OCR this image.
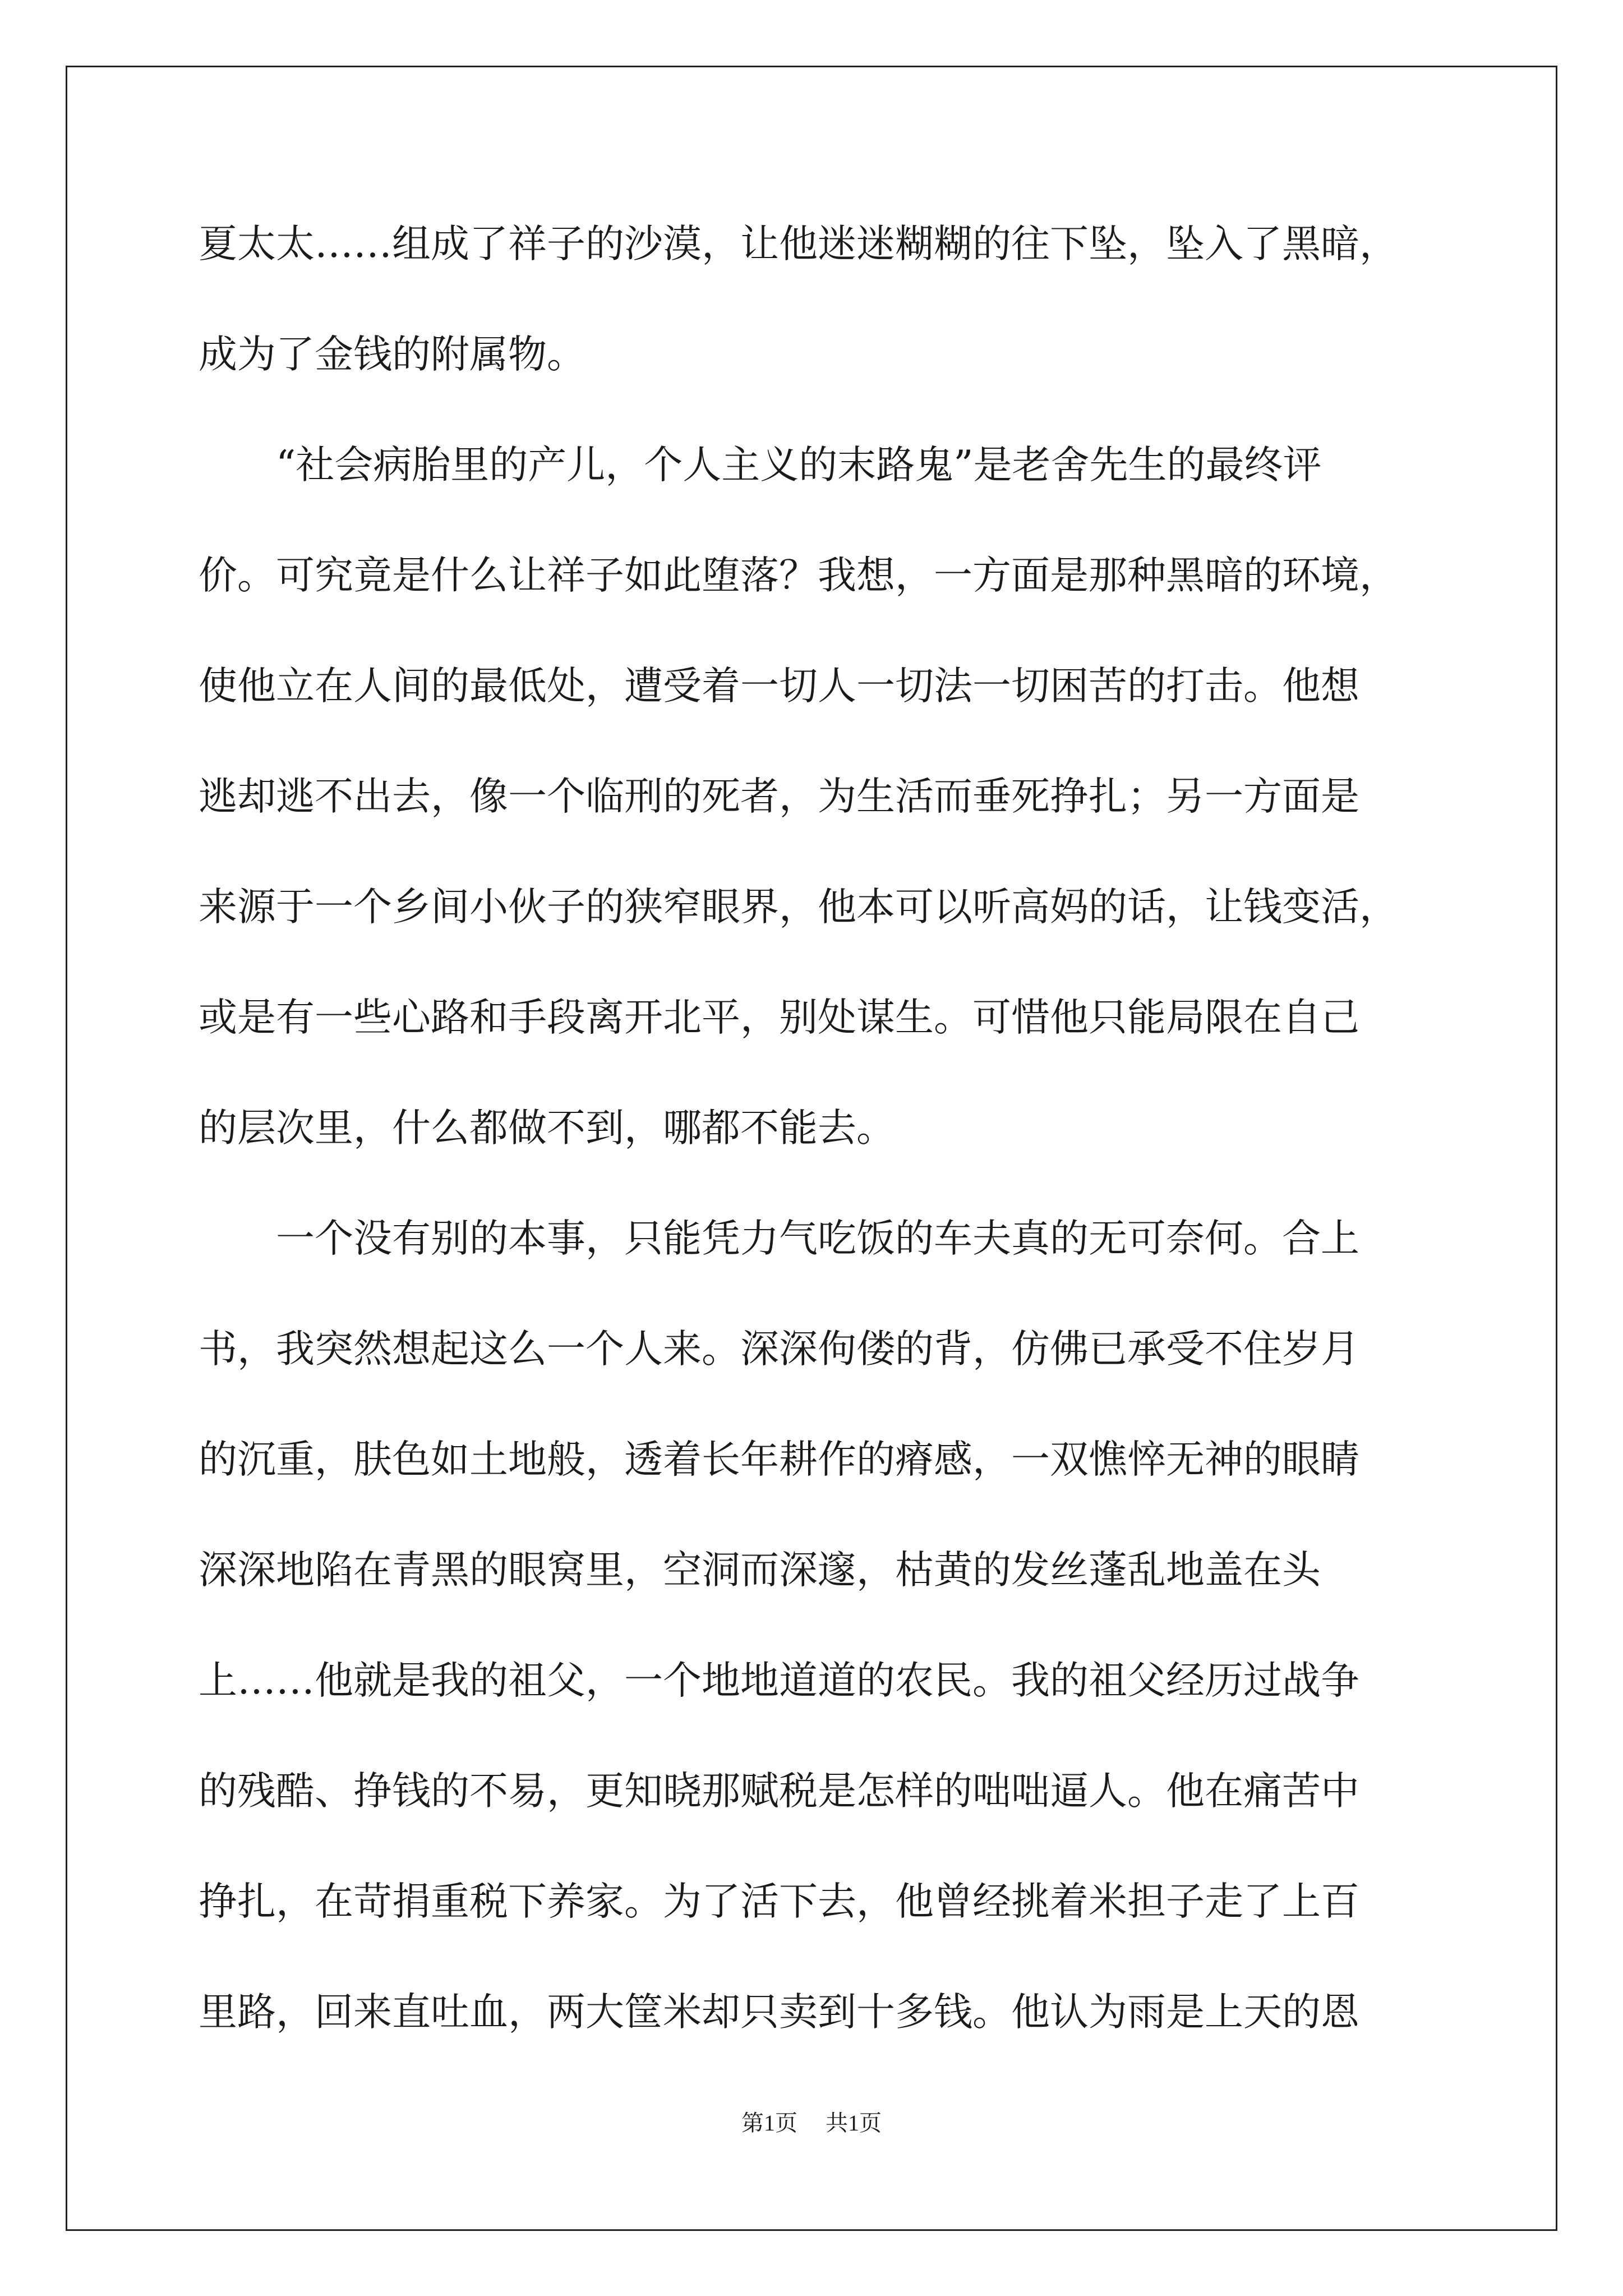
夏太太……组成了祥子的沙漠，让他迷迷糊糊的往下坠，坠入了黑暗，
成为了金钱的附属物。
“社会病胎里的产儿，个人主义的末路鬼”是老舍先生的最终评
价。可究竟是什么让祥子如此堕落？我想，一方面是那种黑暗的环境，
使他立在人间的最低处，遭受着一切人一切法一切困苦的打击。他想
逃却逃不出去，像一个临刑的死者，为生活而垂死挣扎；另一方面是
来源于一个乡间小伙子的狭窄眼界，他本可以听高妈的话，让钱变活，
或是有一些心路和手段离开北平，别处谋生。可惜他只能局限在自己
的层次里，什么都做不到，哪都不能去。
一个没有别的本事，只能凭力气吃饭的车夫真的无可奈何。合上
书，我突然想起这么一个人来。深深佝偻的背，仿佛已承受不住岁月
的沉重，肤色如土地般，透着长年耕作的瘠感，一双憔悴无神的眼睛
深深地陷在青黑的眼窝里，空洞而深邃，枯黄的发丝蓬乱地盖在头
上……他就是我的祖父，一个地地道道的农民。我的祖父经历过战争
的残酷、挣钱的不易，更知晓那赋税是怎样的咄咄逼人。他在痛苦中
挣扎，在苛捐重税下养家。为了活下去，他曾经挑着米担子走了上百
里路，回来直吐血，两大筐米却只卖到十多钱。他认为雨是上天的恩
第1页 共1页
